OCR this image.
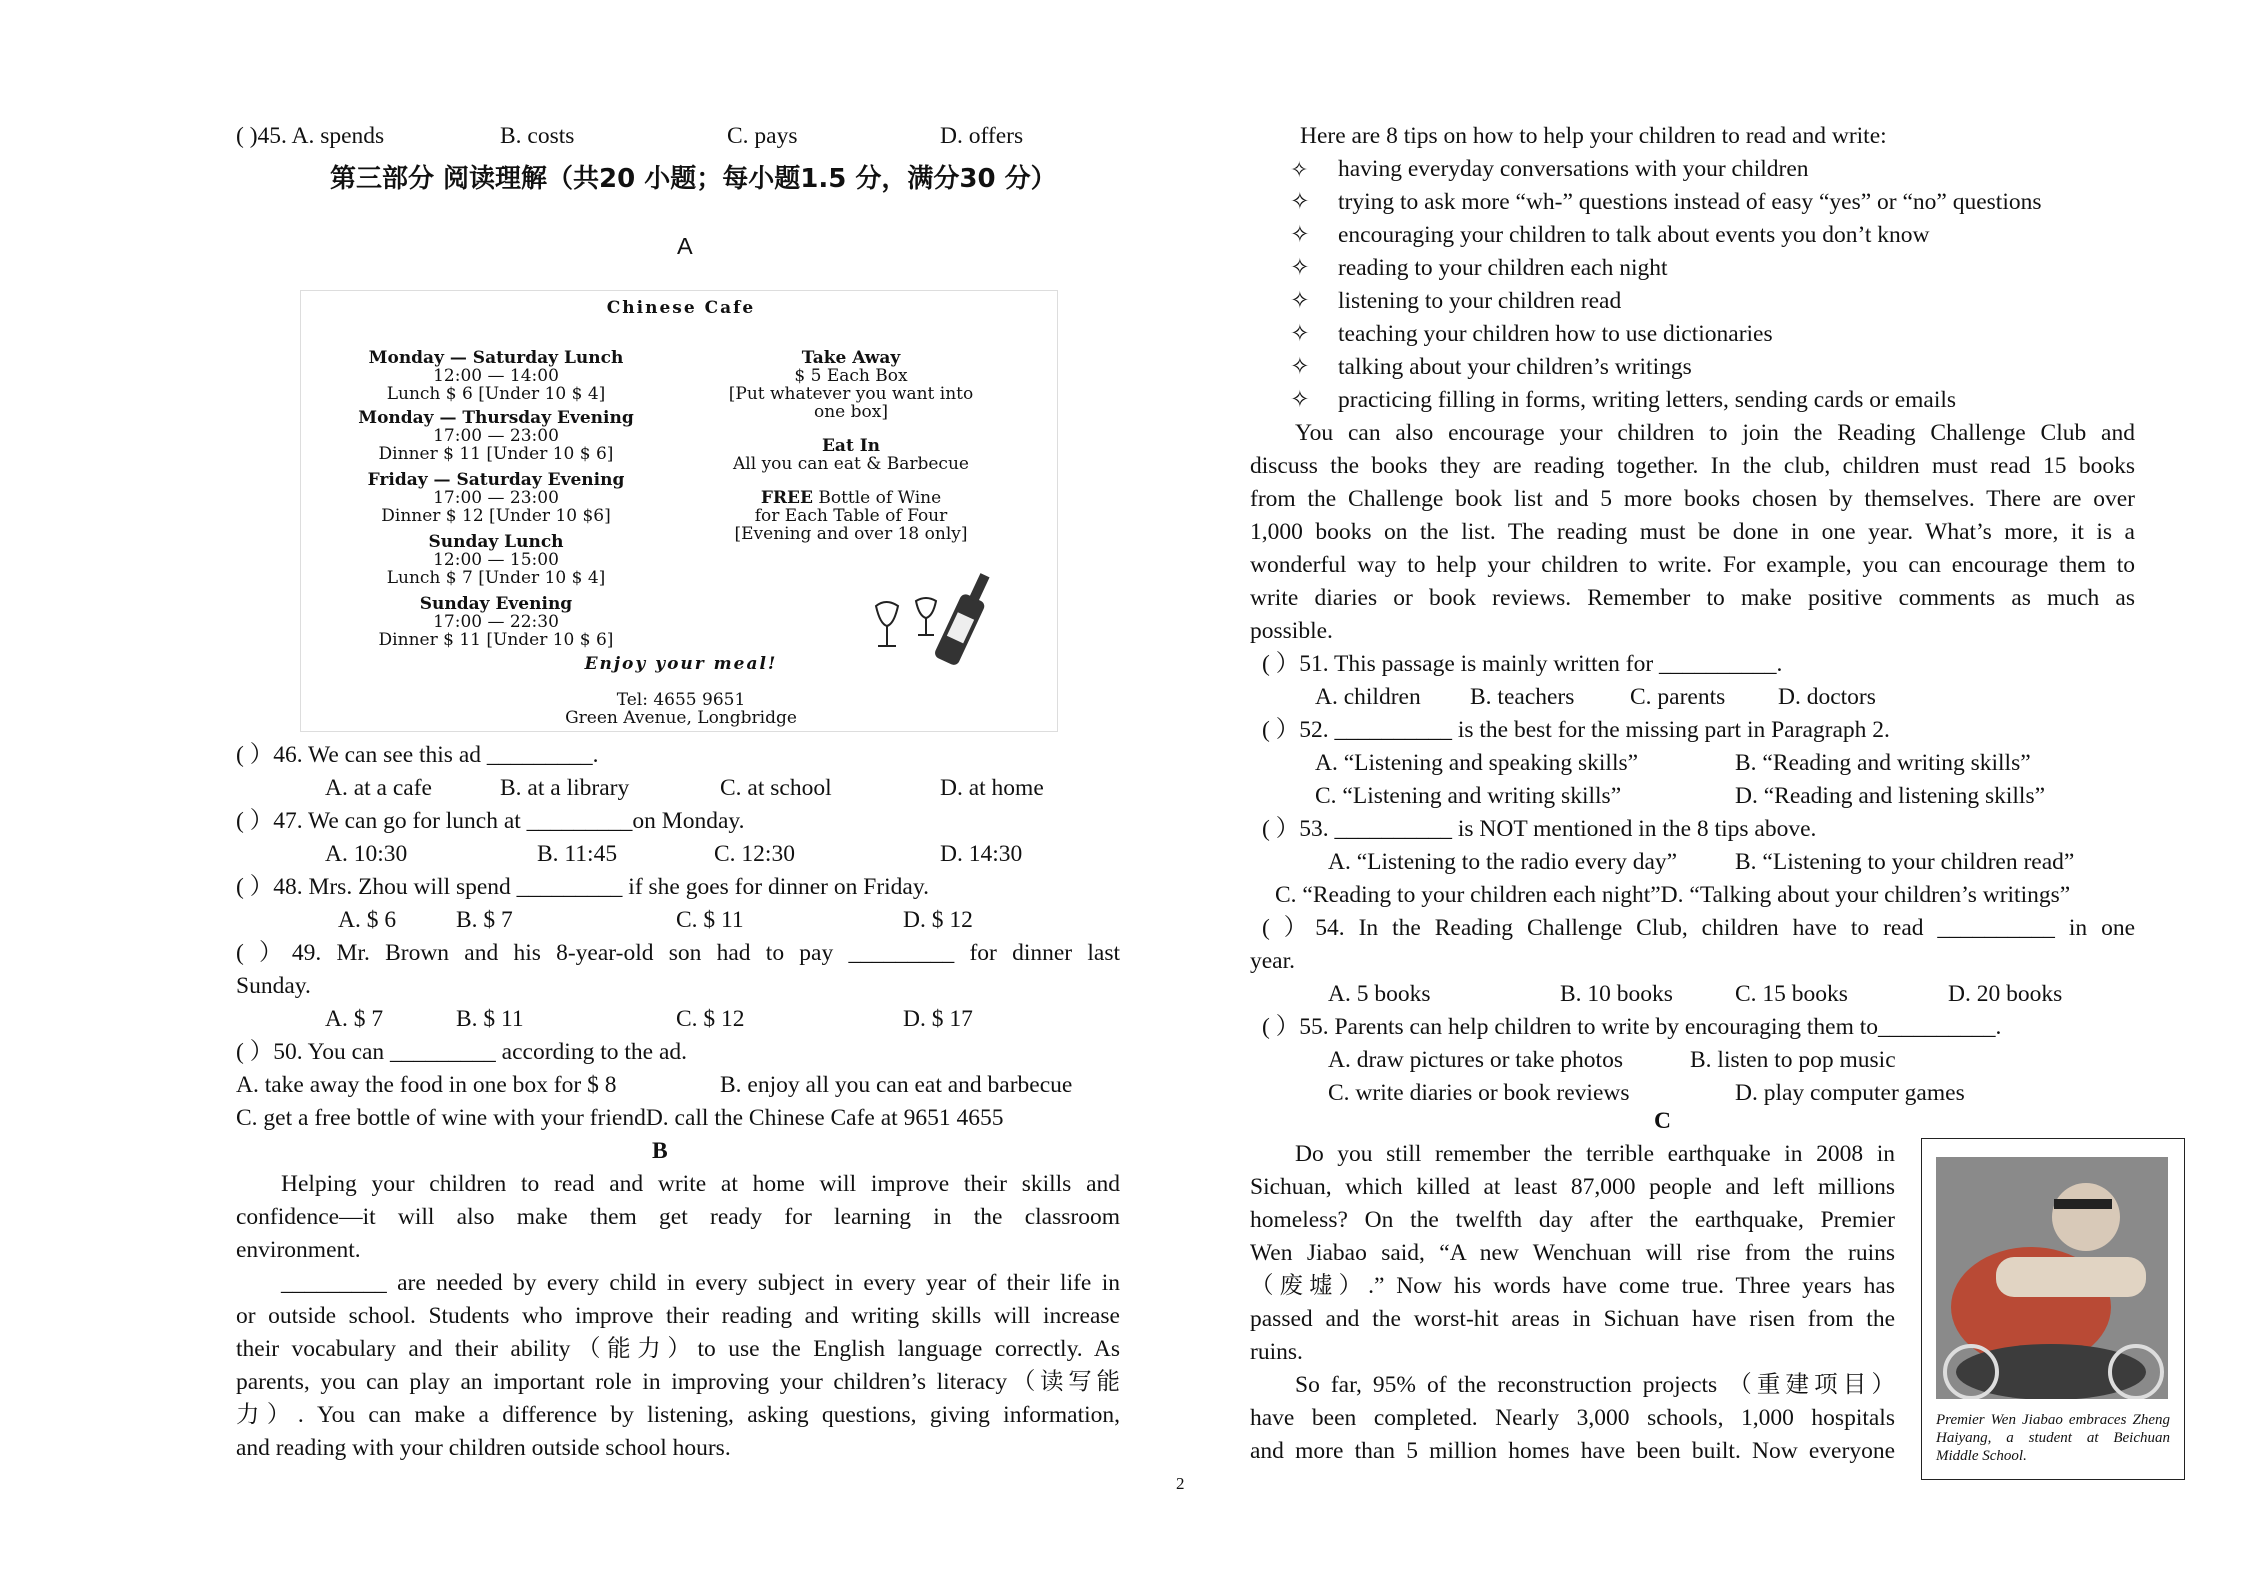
( )45. A. spends	B. costs	C. pays	D. offers
第三部分 阅读理解（共20 小题；每小题1.5 分，满分30 分）
A
Chinese Cafe
Monday — Saturday Lunch
12:00 — 14:00
Lunch $ 6 [Under 10 $ 4]
Monday — Thursday Evening
17:00 — 23:00
Dinner $ 11 [Under 10 $ 6]
Friday — Saturday Evening
17:00 — 23:00
Dinner $ 12 [Under 10 $6]
Sunday Lunch
12:00 — 15:00
Lunch $ 7 [Under 10 $ 4]
Sunday Evening
17:00 — 22:30
Dinner $ 11 [Under 10 $ 6]
Take Away
$ 5 Each Box
[Put whatever you want into
one box]
Eat In
All you can eat & Barbecue
FREE Bottle of Wine
for Each Table of Four
[Evening and over 18 only]
Enjoy your meal!
Tel: 4655 9651
Green Avenue, Longbridge
( ）46. We can see this ad _________.
A. at a cafe	B. at a library	C. at school	D. at home
( ）47. We can go for lunch at _________on Monday.
A. 10:30	B. 11:45	C. 12:30	D. 14:30
( ）48. Mrs. Zhou will spend _________ if she goes for dinner on Friday.
A. $ 6	B. $ 7	C. $ 11	D. $ 12
( ）49. Mr. Brown and his 8-year-old son had to pay _________ for dinner last
Sunday.
A. $ 7	B. $ 11	C. $ 12	D. $ 17
( ）50. You can _________ according to the ad.
A. take away the food in one box for $ 8	B. enjoy all you can eat and barbecue
C. get a free bottle of wine with your friendD. call the Chinese Cafe at 9651 4655
B
Helping your children to read and write at home will improve their skills and
confidence—it will also make them get ready for learning in the classroom
environment.
_________ are needed by every child in every subject in every year of their life in
or outside school. Students who improve their reading and writing skills will increase
their vocabulary and their ability（能力）to use the English language correctly. As
parents, you can play an important role in improving your children’s literacy（读写能
力）. You can make a difference by listening, asking questions, giving information,
and reading with your children outside school hours.
Here are 8 tips on how to help your children to read and write:
✧ having everyday conversations with your children
✧ trying to ask more “wh-” questions instead of easy “yes” or “no” questions
✧ encouraging your children to talk about events you don’t know
✧ reading to your children each night
✧ listening to your children read
✧ teaching your children how to use dictionaries
✧ talking about your children’s writings
✧ practicing filling in forms, writing letters, sending cards or emails
You can also encourage your children to join the Reading Challenge Club and
discuss the books they are reading together. In the club, children must read 15 books
from the Challenge book list and 5 more books chosen by themselves. There are over
1,000 books on the list. The reading must be done in one year. What’s more, it is a
wonderful way to help your children to write. For example, you can encourage them to
write diaries or book reviews. Remember to make positive comments as much as
possible.
( ）51. This passage is mainly written for __________.
A. children B. teachers C. parents D. doctors
( ）52. __________ is the best for the missing part in Paragraph 2.
A. “Listening and speaking skills”	B. “Reading and writing skills”
C. “Listening and writing skills”	D. “Reading and listening skills”
( ）53. __________ is NOT mentioned in the 8 tips above.
A. “Listening to the radio every day” B. “Listening to your children read”
C. “Reading to your children each night”D. “Talking about your children’s writings”
( ）54. In the Reading Challenge Club, children have to read __________ in one
year.
A. 5 books	B. 10 books	C. 15 books	D. 20 books
( ）55. Parents can help children to write by encouraging them to__________.
A. draw pictures or take photos	B. listen to pop music
C. write diaries or book reviews	D. play computer games
C
Do you still remember the terrible earthquake in 2008 in
Sichuan, which killed at least 87,000 people and left millions
homeless? On the twelfth day after the earthquake, Premier
Wen Jiabao said, “A new Wenchuan will rise from the ruins
（废墟）.” Now his words have come true. Three years has
passed and the worst-hit areas in Sichuan have risen from the
ruins.
So far, 95% of the reconstruction projects （重建项目）
have been completed. Nearly 3,000 schools, 1,000 hospitals
and more than 5 million homes have been built. Now everyone
Premier Wen Jiabao embraces Zheng Haiyang, a student at Beichuan Middle School.
2
